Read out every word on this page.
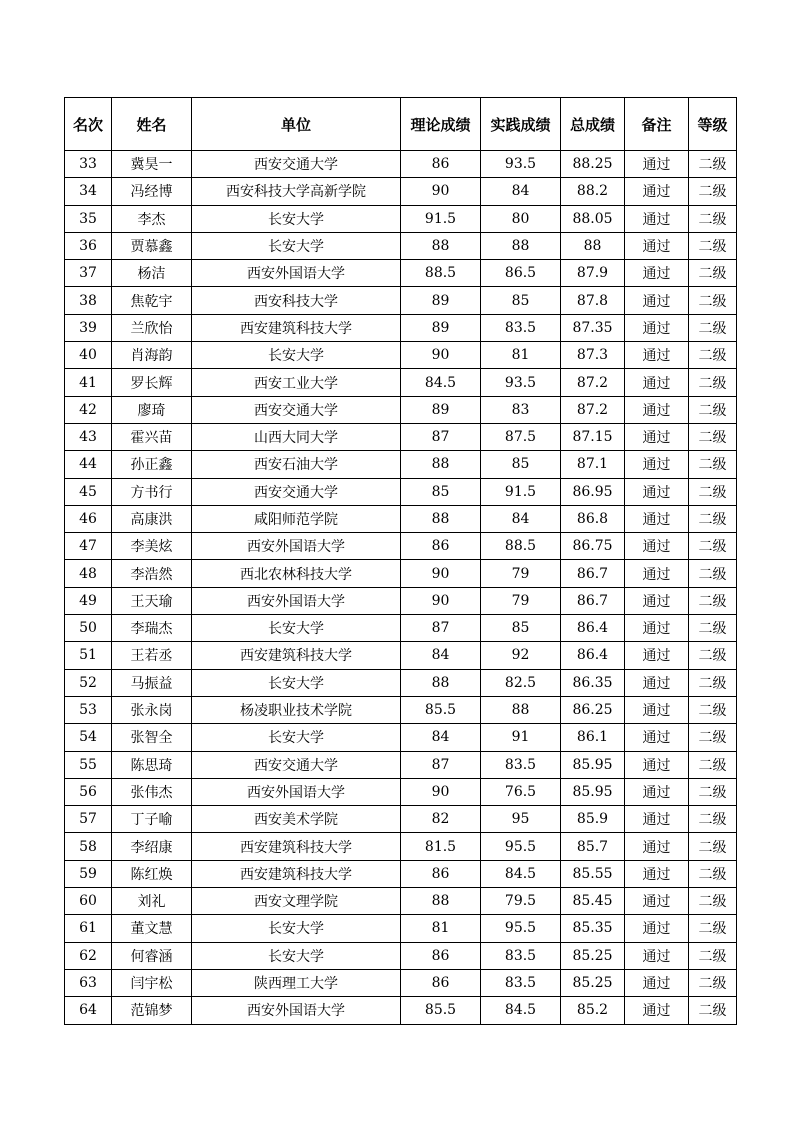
名次	姓名	单位	理论成绩	实践成绩	总成绩	备注	等级
33	冀昊一	西安交通大学	86	93.5	88.25	通过	二级
34	冯经博	西安科技大学高新学院	90	84	88.2	通过	二级
35	李杰	长安大学	91.5	80	88.05	通过	二级
36	贾慕鑫	长安大学	88	88	88	通过	二级
37	杨洁	西安外国语大学	88.5	86.5	87.9	通过	二级
38	焦乾宇	西安科技大学	89	85	87.8	通过	二级
39	兰欣怡	西安建筑科技大学	89	83.5	87.35	通过	二级
40	肖海韵	长安大学	90	81	87.3	通过	二级
41	罗长辉	西安工业大学	84.5	93.5	87.2	通过	二级
42	廖琦	西安交通大学	89	83	87.2	通过	二级
43	霍兴苗	山西大同大学	87	87.5	87.15	通过	二级
44	孙正鑫	西安石油大学	88	85	87.1	通过	二级
45	方书行	西安交通大学	85	91.5	86.95	通过	二级
46	高康洪	咸阳师范学院	88	84	86.8	通过	二级
47	李美炫	西安外国语大学	86	88.5	86.75	通过	二级
48	李浩然	西北农林科技大学	90	79	86.7	通过	二级
49	王天瑜	西安外国语大学	90	79	86.7	通过	二级
50	李瑞杰	长安大学	87	85	86.4	通过	二级
51	王若丞	西安建筑科技大学	84	92	86.4	通过	二级
52	马振益	长安大学	88	82.5	86.35	通过	二级
53	张永岗	杨凌职业技术学院	85.5	88	86.25	通过	二级
54	张智全	长安大学	84	91	86.1	通过	二级
55	陈思琦	西安交通大学	87	83.5	85.95	通过	二级
56	张伟杰	西安外国语大学	90	76.5	85.95	通过	二级
57	丁子喻	西安美术学院	82	95	85.9	通过	二级
58	李绍康	西安建筑科技大学	81.5	95.5	85.7	通过	二级
59	陈红焕	西安建筑科技大学	86	84.5	85.55	通过	二级
60	刘礼	西安文理学院	88	79.5	85.45	通过	二级
61	董文慧	长安大学	81	95.5	85.35	通过	二级
62	何睿涵	长安大学	86	83.5	85.25	通过	二级
63	闫宇松	陕西理工大学	86	83.5	85.25	通过	二级
64	范锦梦	西安外国语大学	85.5	84.5	85.2	通过	二级
